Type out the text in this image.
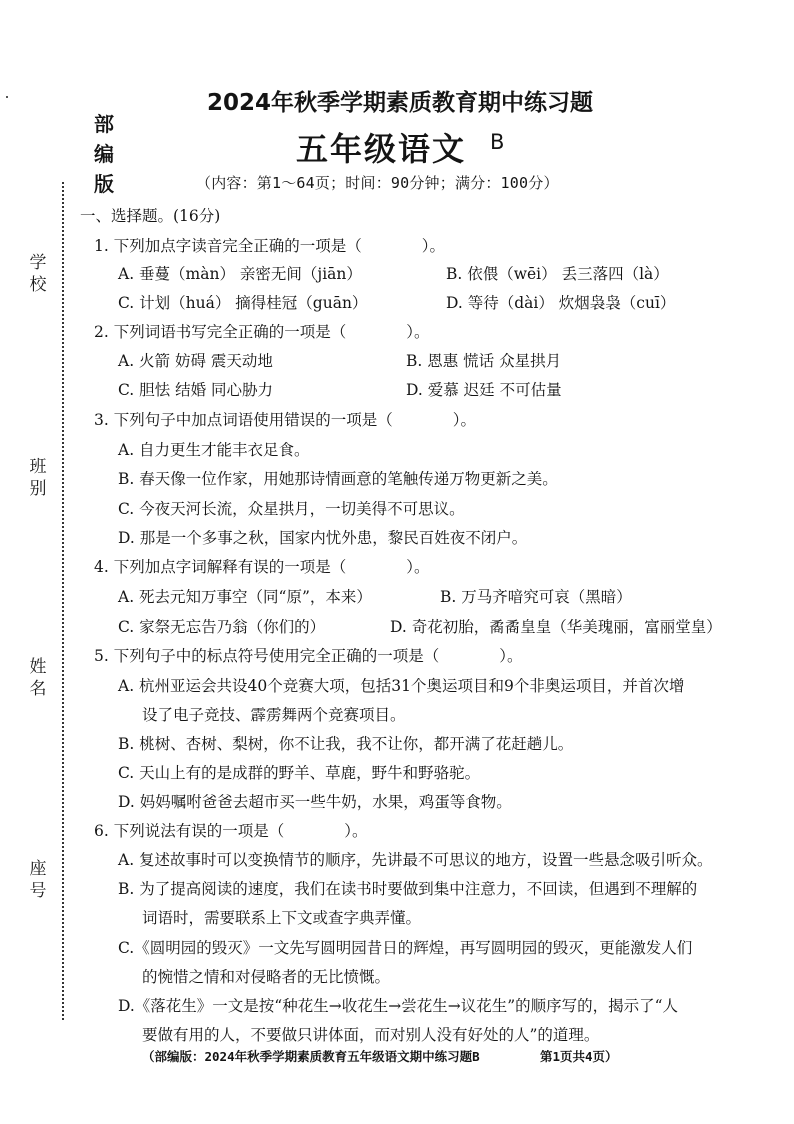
学校
班别
姓名
座号
部
编
版
2024年秋季学期素质教育期中练习题
五年级语文 B
（内容：第1～64页；时间：90分钟；满分：100分）
一、选择题。(16分)
1. 下列加点字读音完全正确的一项是（	）。
A. 垂蔓（màn） 亲密无间（jiān）	B. 依偎（wēi） 丢三落四（là）
C. 计划（huá） 摘得桂冠（guān）	D. 等待（dài） 炊烟袅袅（cuī）
2. 下列词语书写完全正确的一项是（	）。
A. 火箭 妨碍 震天动地	B. 恩惠 慌话 众星拱月
C. 胆怯 结婚 同心胁力	D. 爱慕 迟廷 不可估量
3. 下列句子中加点词语使用错误的一项是（	）。
A. 自力更生才能丰衣足食。
B. 春天像一位作家，用她那诗情画意的笔触传递万物更新之美。
C. 今夜天河长流，众星拱月，一切美得不可思议。
D. 那是一个多事之秋，国家内忧外患，黎民百姓夜不闭户。
4. 下列加点字词解释有误的一项是（	）。
A. 死去元知万事空（同“原”，本来）	B. 万马齐喑究可哀（黑暗）
C. 家祭无忘告乃翁（你们的）	D. 奇花初胎，矞矞皇皇（华美瑰丽，富丽堂皇）
5. 下列句子中的标点符号使用完全正确的一项是（	）。
A. 杭州亚运会共设40个竞赛大项，包括31个奥运项目和9个非奥运项目，并首次增
设了电子竞技、霹雳舞两个竞赛项目。
B. 桃树、杏树、梨树，你不让我，我不让你，都开满了花赶趟儿。
C. 天山上有的是成群的野羊、草鹿，野牛和野骆驼。
D. 妈妈嘱咐爸爸去超市买一些牛奶，水果，鸡蛋等食物。
6. 下列说法有误的一项是（	）。
A. 复述故事时可以变换情节的顺序，先讲最不可思议的地方，设置一些悬念吸引听众。
B. 为了提高阅读的速度，我们在读书时要做到集中注意力，不回读，但遇到不理解的
词语时，需要联系上下文或查字典弄懂。
C.《圆明园的毁灭》一文先写圆明园昔日的辉煌，再写圆明园的毁灭，更能激发人们
的惋惜之情和对侵略者的无比愤慨。
D.《落花生》一文是按“种花生→收花生→尝花生→议花生”的顺序写的，揭示了“人
要做有用的人，不要做只讲体面，而对别人没有好处的人”的道理。
（部编版：2024年秋季学期素质教育五年级语文期中练习题B	第1页共4页）
